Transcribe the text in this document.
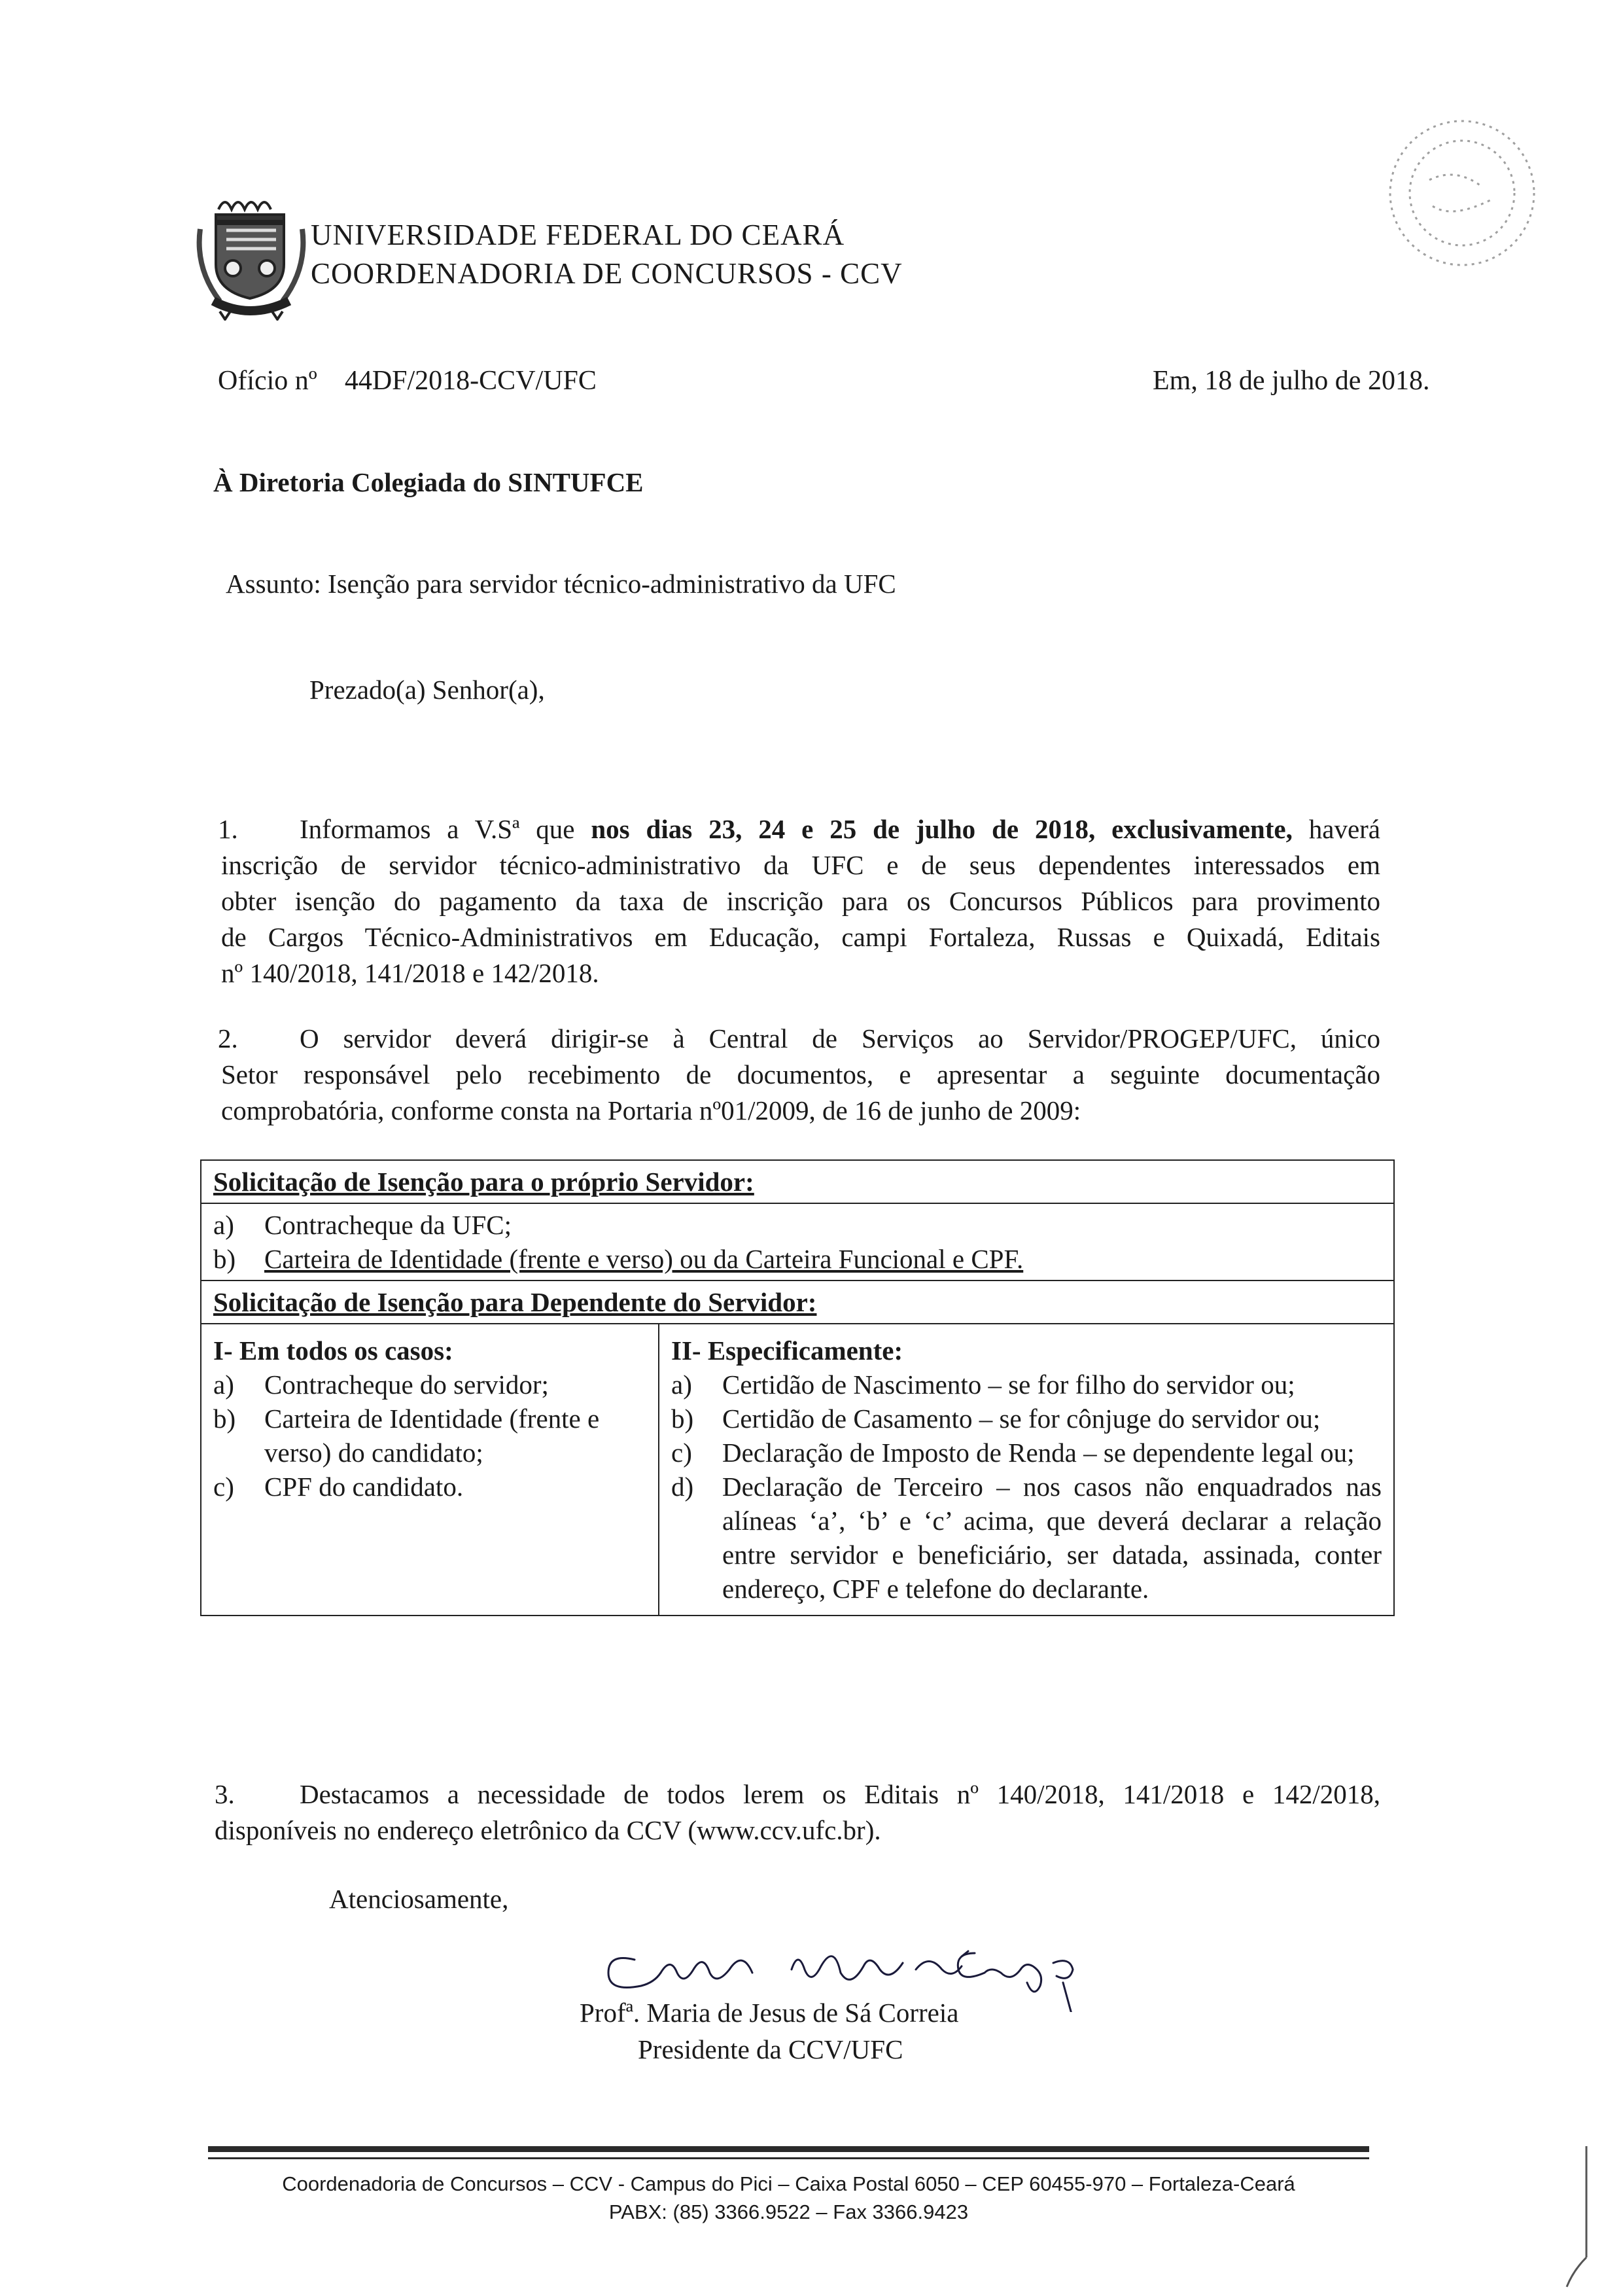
UNIVERSIDADE FEDERAL DO CEARÁ
COORDENADORIA DE CONCURSOS - CCV
Ofício nº    44DF/2018-CCV/UFC	Em, 18 de julho de 2018.
À Diretoria Colegiada do SINTUFCE
Assunto: Isenção para servidor técnico-administrativo da UFC
Prezado(a) Senhor(a),
1. Informamos a V.Sª que nos dias 23, 24 e 25 de julho de 2018, exclusivamente, haverá
inscrição de servidor técnico-administrativo da UFC e de seus dependentes interessados em
obter isenção do pagamento da taxa de inscrição para os Concursos Públicos para provimento
de Cargos Técnico-Administrativos em Educação, campi Fortaleza, Russas e Quixadá, Editais
nº 140/2018, 141/2018 e 142/2018.
2. O servidor deverá dirigir-se à Central de Serviços ao Servidor/PROGEP/UFC, único
Setor responsável pelo recebimento de documentos, e apresentar a seguinte documentação
comprobatória, conforme consta na Portaria nº01/2009, de 16 de junho de 2009:
Solicitação de Isenção para o próprio Servidor:

a)	Contracheque da UFC;
b)	Carteira de Identidade (frente e verso) ou da Carteira Funcional e CPF.

Solicitação de Isenção para Dependente do Servidor:

I- Em todos os casos:
a)	Contracheque do servidor;
b)	Carteira de Identidade (frente e verso) do candidato;
c)	CPF do candidato.

II- Especificamente:
a)	Certidão de Nascimento – se for filho do servidor ou;
b)	Certidão de Casamento – se for cônjuge do servidor ou;
c)	Declaração de Imposto de Renda – se dependente legal ou;
d)	Declaração de Terceiro – nos casos não enquadrados nas alíneas ‘a’, ‘b’ e ‘c’ acima, que deverá declarar a relação entre servidor e beneficiário, ser datada, assinada, conter endereço, CPF e telefone do declarante.
3. Destacamos a necessidade de todos lerem os Editais nº 140/2018, 141/2018 e 142/2018,
disponíveis no endereço eletrônico da CCV (www.ccv.ufc.br).
Atenciosamente,
Profª. Maria de Jesus de Sá Correia
Presidente da CCV/UFC
Coordenadoria de Concursos – CCV - Campus do Pici – Caixa Postal 6050 – CEP 60455-970 – Fortaleza-Ceará
PABX: (85) 3366.9522 – Fax 3366.9423
